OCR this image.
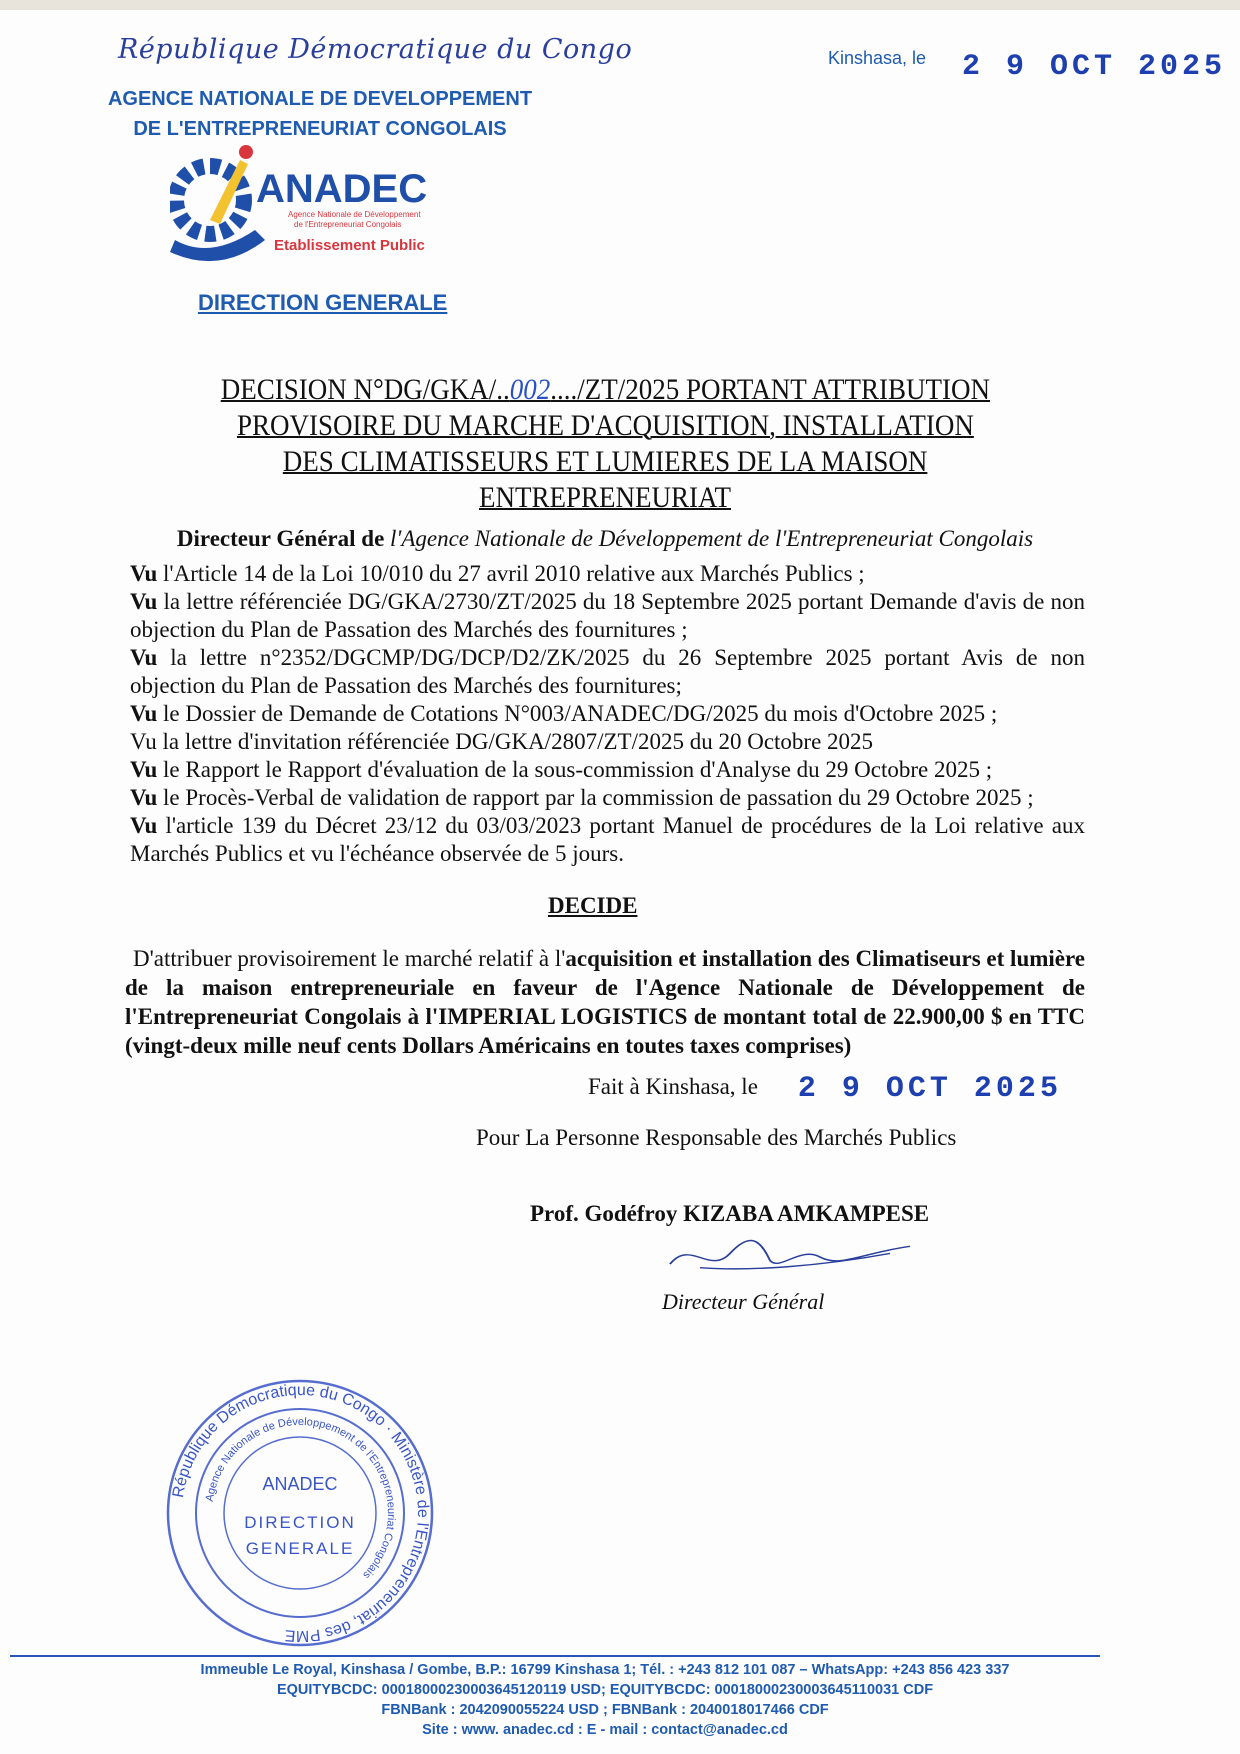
République Démocratique du Congo
AGENCE NATIONALE DE DEVELOPPEMENT
DE L'ENTREPRENEURIAT CONGOLAIS
ANADEC
Agence Nationale de Développement
de l'Entrepreneuriat Congolais
Etablissement Public
DIRECTION GENERALE
Kinshasa, le 2 9 OCT 2025
DECISION N°DG/GKA/..002..../ZT/2025 PORTANT ATTRIBUTION
PROVISOIRE DU MARCHE D'ACQUISITION, INSTALLATION
DES CLIMATISSEURS ET LUMIERES DE LA MAISON
ENTREPRENEURIAT
Directeur Général de l'Agence Nationale de Développement de l'Entrepreneuriat Congolais

Vu l'Article 14 de la Loi 10/010 du 27 avril 2010 relative aux Marchés Publics ;

Vu la lettre référenciée DG/GKA/2730/ZT/2025 du 18 Septembre 2025 portant Demande d'avis de non objection du Plan de Passation des Marchés des fournitures ;

Vu la lettre n°2352/DGCMP/DG/DCP/D2/ZK/2025 du 26 Septembre 2025 portant Avis de non objection du Plan de Passation des Marchés des fournitures;

Vu le Dossier de Demande de Cotations N°003/ANADEC/DG/2025 du mois d'Octobre 2025 ;

Vu la lettre d'invitation référenciée DG/GKA/2807/ZT/2025 du 20 Octobre 2025

Vu le Rapport le Rapport d'évaluation de la sous-commission d'Analyse du 29 Octobre 2025 ;

Vu le Procès-Verbal de validation de rapport par la commission de passation du 29 Octobre 2025 ;

Vu l'article 139 du Décret 23/12 du 03/03/2023 portant Manuel de procédures de la Loi relative aux Marchés Publics et vu l'échéance observée de 5 jours.

DECIDE
D'attribuer provisoirement le marché relatif à l'acquisition et installation des Climatiseurs et lumière de la maison entrepreneuriale en faveur de l'Agence Nationale de Développement de l'Entrepreneuriat Congolais à l'IMPERIAL LOGISTICS de montant total de 22.900,00 $ en TTC (vingt-deux mille neuf cents Dollars Américains en toutes taxes comprises)
Fait à Kinshasa, le 2 9 OCT 2025
Pour La Personne Responsable des Marchés Publics
Prof. Godéfroy KIZABA AMKAMPESE
Directeur Général
République Démocratique du Congo · Ministère de l'Entrepreneuriat, des PME
Agence Nationale de Développement de l'Entrepreneuriat Congolais
ANADEC
DIRECTION
GENERALE
Immeuble Le Royal, Kinshasa / Gombe, B.P.: 16799 Kinshasa 1; Tél. : +243 812 101 087 – WhatsApp: +243 856 423 337
EQUITYBCDC: 00018000230003645120119 USD; EQUITYBCDC: 00018000230003645110031 CDF
FBNBank : 2042090055224 USD ; FBNBank : 2040018017466 CDF
Site : www. anadec.cd : E - mail : contact@anadec.cd
